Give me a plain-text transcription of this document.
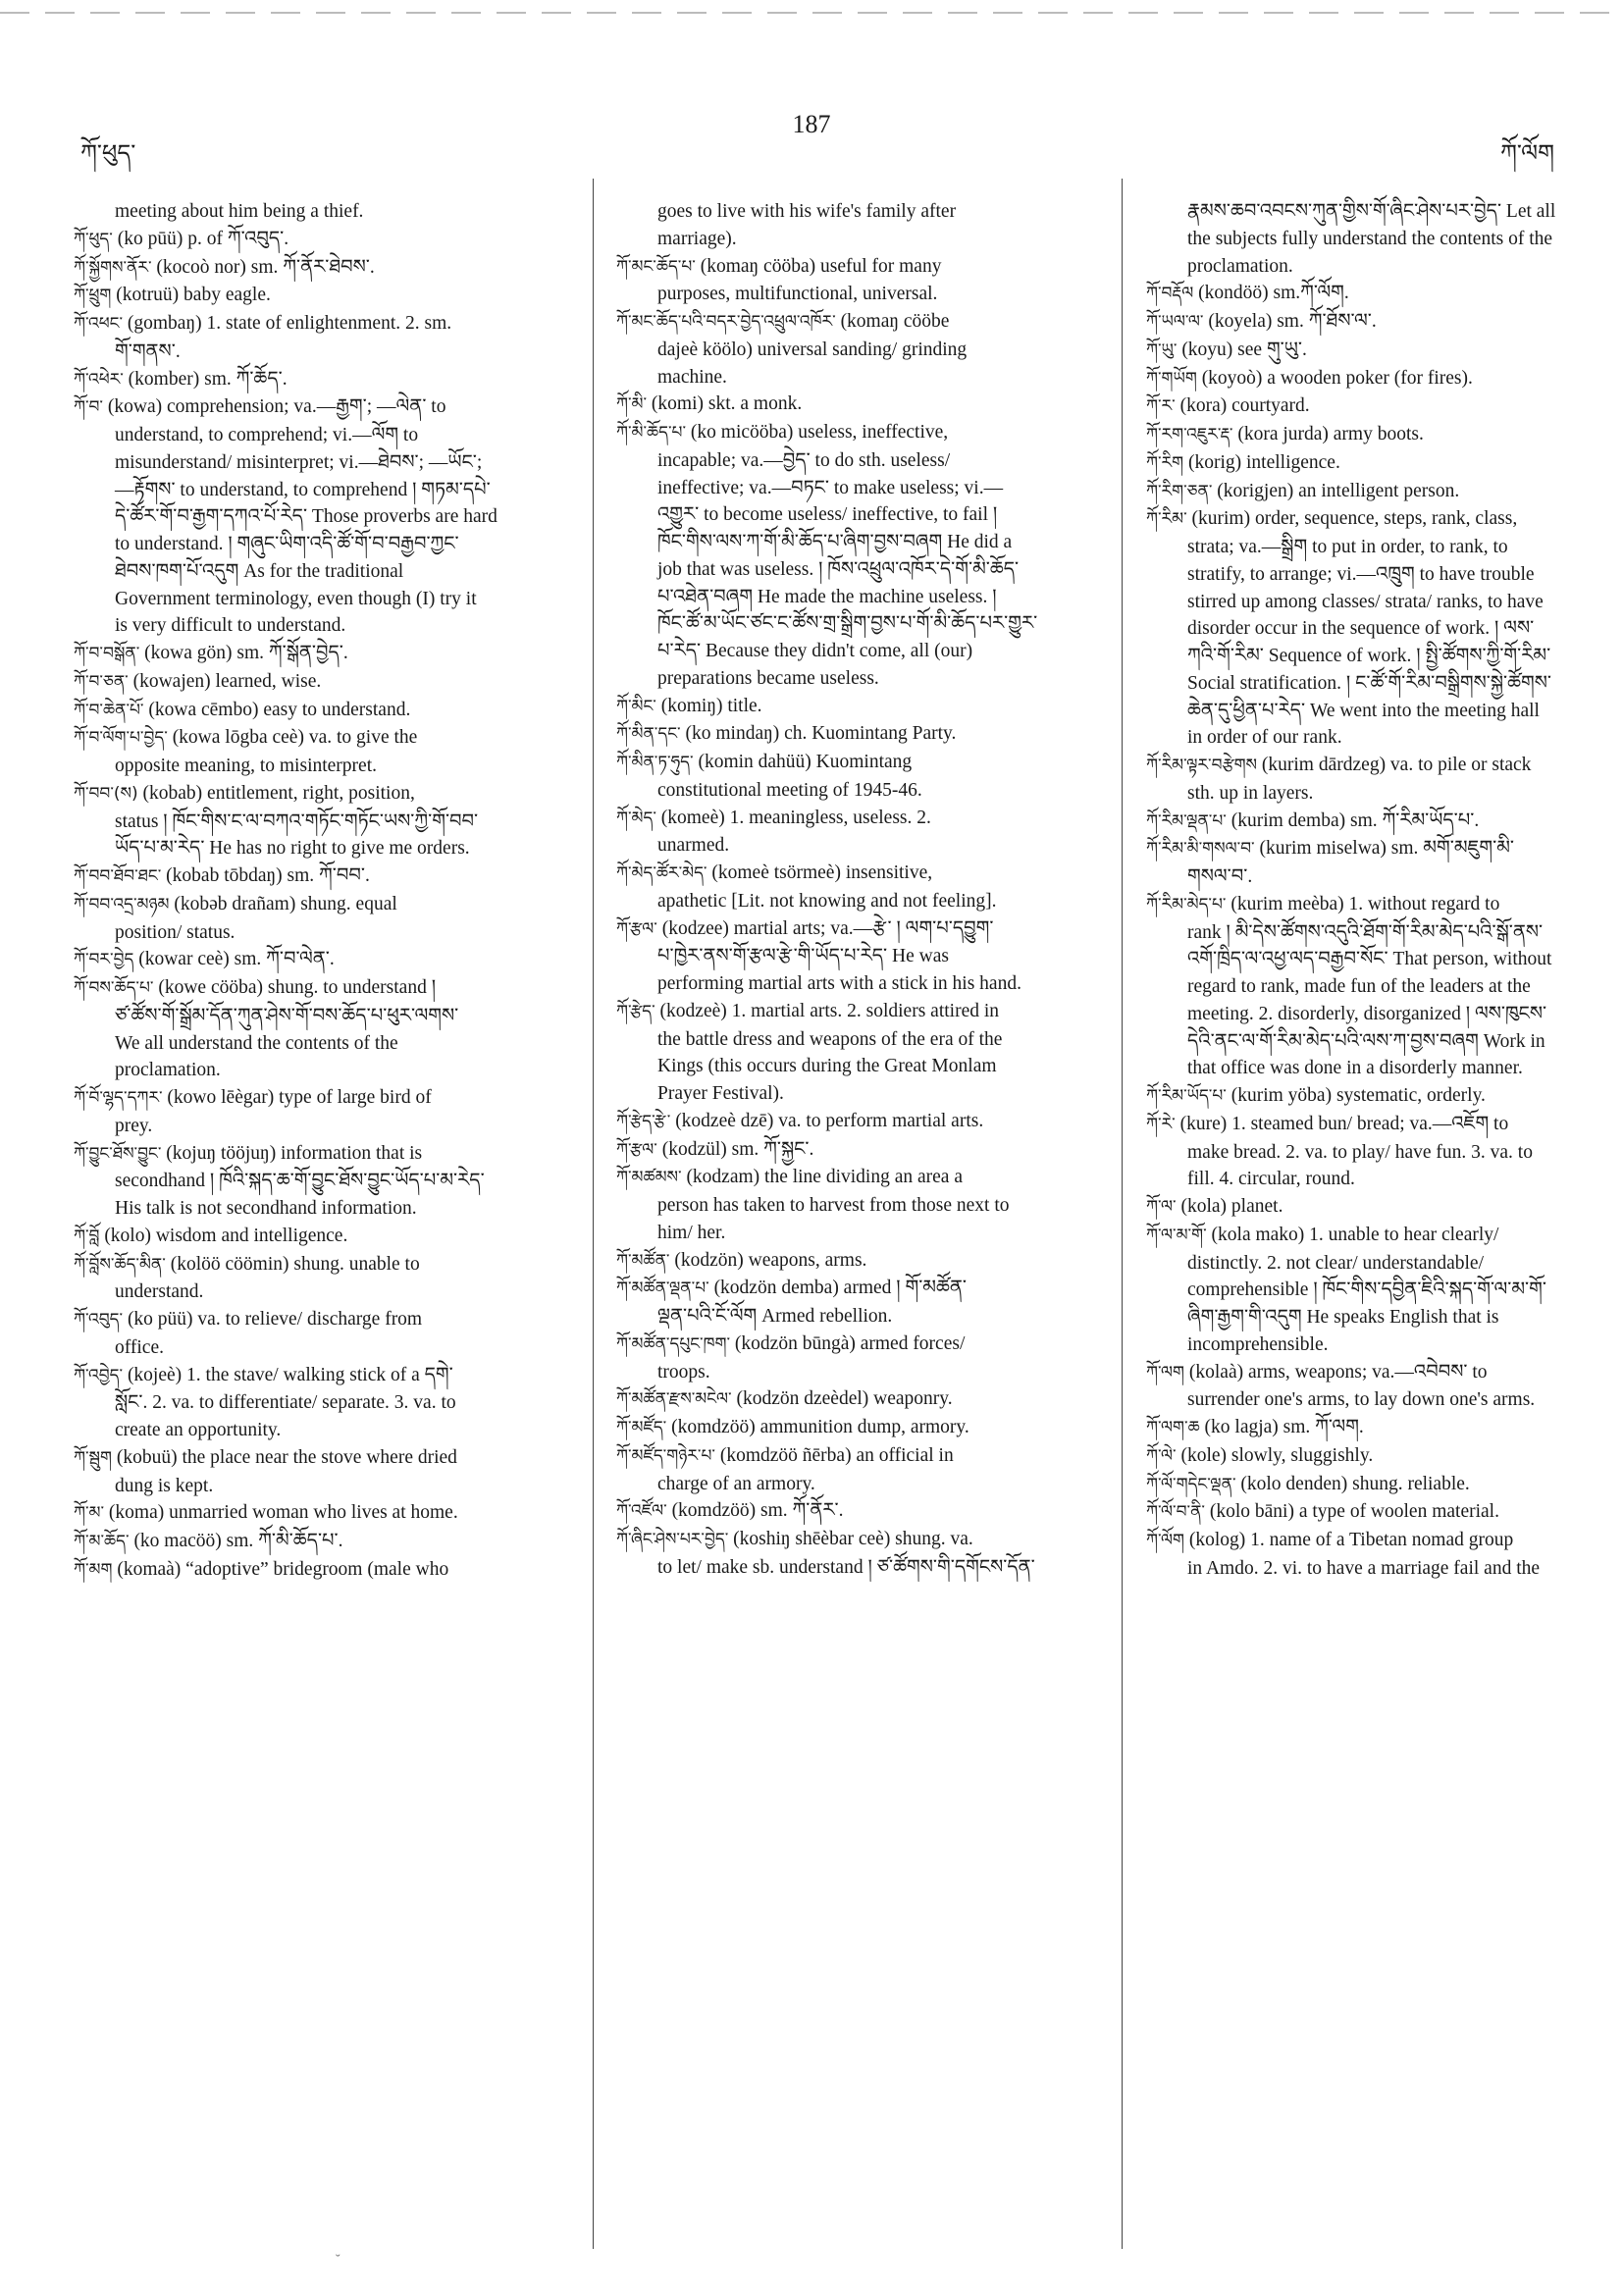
ཀོ་ཕུད་
187
ཀོ་ལོག
meeting about him being a thief.
ཀོ་ཕུད་ (ko pūü) p. of ཀོ་འབུད་.
ཀོ་སྐྱོགས་ནོར་ (kocoò nor) sm. ཀོ་ནོར་ཐེབས་.
ཀོ་ཕྲུག (kotruü) baby eagle.
ཀོ་འཕང་ (gombaŋ) 1. state of enlightenment. 2. sm.
གོ་གནས་.
ཀོ་འཕེར་ (komber) sm. ཀོ་ཆོད་.
ཀོ་བ་ (kowa) comprehension; va.—རྒྱག་; —ལེན་ to
understand, to comprehend; vi.—ལོག to
misunderstand/ misinterpret; vi.—ཐེབས་; —ཡོང་;
—རྟོགས་ to understand, to comprehend ། གཏམ་དཔེ་
དེ་ཚོར་གོ་བ་རྒྱག་དཀའ་པོ་རེད་ Those proverbs are hard
to understand. ། གཞུང་ཡིག་འདི་ཚོ་གོ་བ་བརྒྱབ་ཀྱང་
ཐེབས་ཁག་པོ་འདུག As for the traditional
Government terminology, even though (I) try it
is very difficult to understand.
ཀོ་བ་བསྒོན་ (kowa gön) sm. ཀོ་སྒོན་བྱེད་.
ཀོ་བ་ཅན་ (kowajen) learned, wise.
ཀོ་བ་ཆེན་པོ་ (kowa cēmbo) easy to understand.
ཀོ་བ་ལོག་པ་བྱེད་ (kowa lōgba ceè) va. to give the
opposite meaning, to misinterpret.
ཀོ་བབ་(ས) (kobab) entitlement, right, position,
status ། ཁོང་གིས་ང་ལ་བཀའ་གཏོང་གཏོང་ཡས་ཀྱི་གོ་བབ་
ཡོད་པ་མ་རེད་ He has no right to give me orders.
ཀོ་བབ་ཐོབ་ཐང་ (kobab tōbdaŋ) sm. ཀོ་བབ་.
ཀོ་བབ་འདྲ་མཉམ (kobəb drañam) shung. equal
position/ status.
ཀོ་བར་བྱེད (kowar ceè) sm. ཀོ་བ་ལེན་.
ཀོ་བས་ཆོད་པ་ (kowe cööba) shung. to understand །
ཙ་ཚོས་གོ་སྒྲོམ་དོན་ཀུན་ཤེས་གོ་བས་ཆོད་པ་ཕུར་ལགས་
We all understand the contents of the
proclamation.
ཀོ་བོ་ལྷད་དཀར་ (kowo lēègar) type of large bird of
prey.
ཀོ་བྱུང་ཐོས་བྱུང་ (kojuŋ tööjuŋ) information that is
secondhand ། ཁོའི་སྐད་ཆ་གོ་བྱུང་ཐོས་བྱུང་ཡོད་པ་མ་རེད་
His talk is not secondhand information.
ཀོ་བློ (kolo) wisdom and intelligence.
ཀོ་བློས་ཆོད་མིན་ (kolöö cöömin) shung. unable to
understand.
ཀོ་འབུད་ (ko püü) va. to relieve/ discharge from
office.
ཀོ་འབྱེད་ (kojeè) 1. the stave/ walking stick of a དགེ་
སློང་. 2. va. to differentiate/ separate. 3. va. to
create an opportunity.
ཀོ་སྦུག (kobuü) the place near the stove where dried
dung is kept.
ཀོ་མ་ (koma) unmarried woman who lives at home.
ཀོ་མ་ཆོད་ (ko macöö) sm. ཀོ་མི་ཆོད་པ་.
ཀོ་མག (komaà) “adoptive” bridegroom (male who
goes to live with his wife's family after
marriage).
ཀོ་མང་ཆོད་པ་ (komaŋ cööba) useful for many
purposes, multifunctional, universal.
ཀོ་མང་ཆོད་པའི་བདར་བྱེད་འཕྲུལ་འཁོར་ (komaŋ cööbe
dajeè köölo) universal sanding/ grinding
machine.
ཀོ་མི་ (komi) skt. a monk.
ཀོ་མི་ཆོད་པ་ (ko micööba) useless, ineffective,
incapable; va.—བྱེད་ to do sth. useless/
ineffective; va.—བཏང་ to make useless; vi.—
འགྱུར་ to become useless/ ineffective, to fail །
ཁོང་གིས་ལས་ཀ་གོ་མི་ཆོད་པ་ཞིག་བྱས་བཞག He did a
job that was useless. ། ཁོས་འཕྲུལ་འཁོར་དེ་གོ་མི་ཆོད་
པ་འཐེན་བཞག He made the machine useless. །
ཁོང་ཚོ་མ་ཡོང་ཙང་ང་ཚོས་གྲ་སྒྲིག་བྱས་པ་གོ་མི་ཆོད་པར་གྱུར་
པ་རེད་ Because they didn't come, all (our)
preparations became useless.
ཀོ་མིང་ (komiŋ) title.
ཀོ་མིན་དང་ (ko mindaŋ) ch. Kuomintang Party.
ཀོ་མིན་ཏ་ཧུད་ (komin dahüü) Kuomintang
constitutional meeting of 1945-46.
ཀོ་མེད་ (komeè) 1. meaningless, useless. 2.
unarmed.
ཀོ་མེད་ཚོར་མེད་ (komeè tsörmeè) insensitive,
apathetic [Lit. not knowing and not feeling].
ཀོ་རྩལ་ (kodzee) martial arts; va.—རྩེ་ ། ལག་པ་དབྱུག་
པ་ཁྱེར་ནས་གོ་རྩལ་རྩེ་གི་ཡོད་པ་རེད་ He was
performing martial arts with a stick in his hand.
ཀོ་རྩེད་ (kodzeè) 1. martial arts. 2. soldiers attired in
the battle dress and weapons of the era of the
Kings (this occurs during the Great Monlam
Prayer Festival).
ཀོ་རྩེད་རྩེ་ (kodzeè dzē) va. to perform martial arts.
ཀོ་རྩལ་ (kodzül) sm. ཀོ་སྐྱང་.
ཀོ་མཚམས་ (kodzam) the line dividing an area a
person has taken to harvest from those next to
him/ her.
ཀོ་མཚོན་ (kodzön) weapons, arms.
ཀོ་མཚོན་ལྡན་པ་ (kodzön demba) armed ། གོ་མཚོན་
ལྡན་པའི་ངོ་ལོག Armed rebellion.
ཀོ་མཚོན་དཔུང་ཁག་ (kodzön būngà) armed forces/
troops.
ཀོ་མཚོན་རྫས་མངེལ་ (kodzön dzeèdel) weaponry.
ཀོ་མཛོད་ (komdzöö) ammunition dump, armory.
ཀོ་མཛོད་གཉེར་པ་ (komdzöö ñērba) an official in
charge of an armory.
ཀོ་འཛོལ་ (komdzöö) sm. ཀོ་ནོར་.
ཀོ་ཞིང་ཤེས་པར་བྱེད་ (koshiŋ shēèbar ceè) shung. va.
to let/ make sb. understand ། ཙ་ཚོགས་གི་དགོངས་དོན་
རྣམས་ཆབ་འབངས་ཀུན་གྱིས་གོ་ཞིང་ཤེས་པར་བྱེད་ Let all
the subjects fully understand the contents of the
proclamation.
ཀོ་བརྡོལ (kondöö) sm.ཀོ་ལོག.
ཀོ་ཡལ་ལ་ (koyela) sm. ཀོ་ཐོས་ལ་.
ཀོ་ཡུ་ (koyu) see གུ་ཡུ་.
ཀོ་གཡོག (koyoò) a wooden poker (for fires).
ཀོ་ར་ (kora) courtyard.
ཀོ་རག་འཇུར་རྡ་ (kora jurda) army boots.
ཀོ་རིག (korig) intelligence.
ཀོ་རིག་ཅན་ (korigjen) an intelligent person.
ཀོ་རིམ་ (kurim) order, sequence, steps, rank, class,
strata; va.—སྒྲིག to put in order, to rank, to
stratify, to arrange; vi.—འཁྲུག to have trouble
stirred up among classes/ strata/ ranks, to have
disorder occur in the sequence of work. ། ལས་
ཀའི་གོ་རིམ་ Sequence of work. ། སྤྱི་ཚོགས་ཀྱི་གོ་རིམ་
Social stratification. ། ང་ཚོ་གོ་རིམ་བསྒྲིགས་སྐྱེ་ཚོགས་
ཆེན་དུ་ཕྱིན་པ་རེད་ We went into the meeting hall
in order of our rank.
ཀོ་རིམ་ལྟར་བརྩེགས (kurim dārdzeg) va. to pile or stack
sth. up in layers.
ཀོ་རིམ་ལྡན་པ་ (kurim demba) sm. ཀོ་རིམ་ཡོད་པ་.
ཀོ་རིམ་མི་གསལ་བ་ (kurim miselwa) sm. མགོ་མཇུག་མི་
གསལ་བ་.
ཀོ་རིམ་མེད་པ་ (kurim meèba) 1. without regard to
rank ། མི་དེས་ཚོགས་འདུའི་ཐོག་གོ་རིམ་མེད་པའི་སྒོ་ནས་
འགོ་ཁྲིད་ལ་འཕྱ་ལད་བརྒྱབ་སོང་ That person, without
regard to rank, made fun of the leaders at the
meeting. 2. disorderly, disorganized ། ལས་ཁུངས་
དེའི་ནང་ལ་གོ་རིམ་མེད་པའི་ལས་ཀ་བྱས་བཞག Work in
that office was done in a disorderly manner.
ཀོ་རིམ་ཡོད་པ་ (kurim yöba) systematic, orderly.
ཀོ་རེ་ (kure) 1. steamed bun/ bread; va.—འཇོག to
make bread. 2. va. to play/ have fun. 3. va. to
fill. 4. circular, round.
ཀོ་ལ་ (kola) planet.
ཀོ་ལ་མ་གོ་ (kola mako) 1. unable to hear clearly/
distinctly. 2. not clear/ understandable/
comprehensible ། ཁོང་གིས་དབྱིན་ཇིའི་སྐད་གོ་ལ་མ་གོ་
ཞིག་རྒྱག་གི་འདུག He speaks English that is
incomprehensible.
ཀོ་ལག (kolaà) arms, weapons; va.—འབེབས་ to
surrender one's arms, to lay down one's arms.
ཀོ་ལག་ཆ (ko lagja) sm. ཀོ་ལག.
ཀོ་ལེ་ (kole) slowly, sluggishly.
ཀོ་ལོ་གདེང་ལྡན་ (kolo denden) shung. reliable.
ཀོ་ལོ་བ་ནི་ (kolo bāni) a type of woolen material.
ཀོ་ལོག (kolog) 1. name of a Tibetan nomad group
in Amdo. 2. vi. to have a marriage fail and the
˘
